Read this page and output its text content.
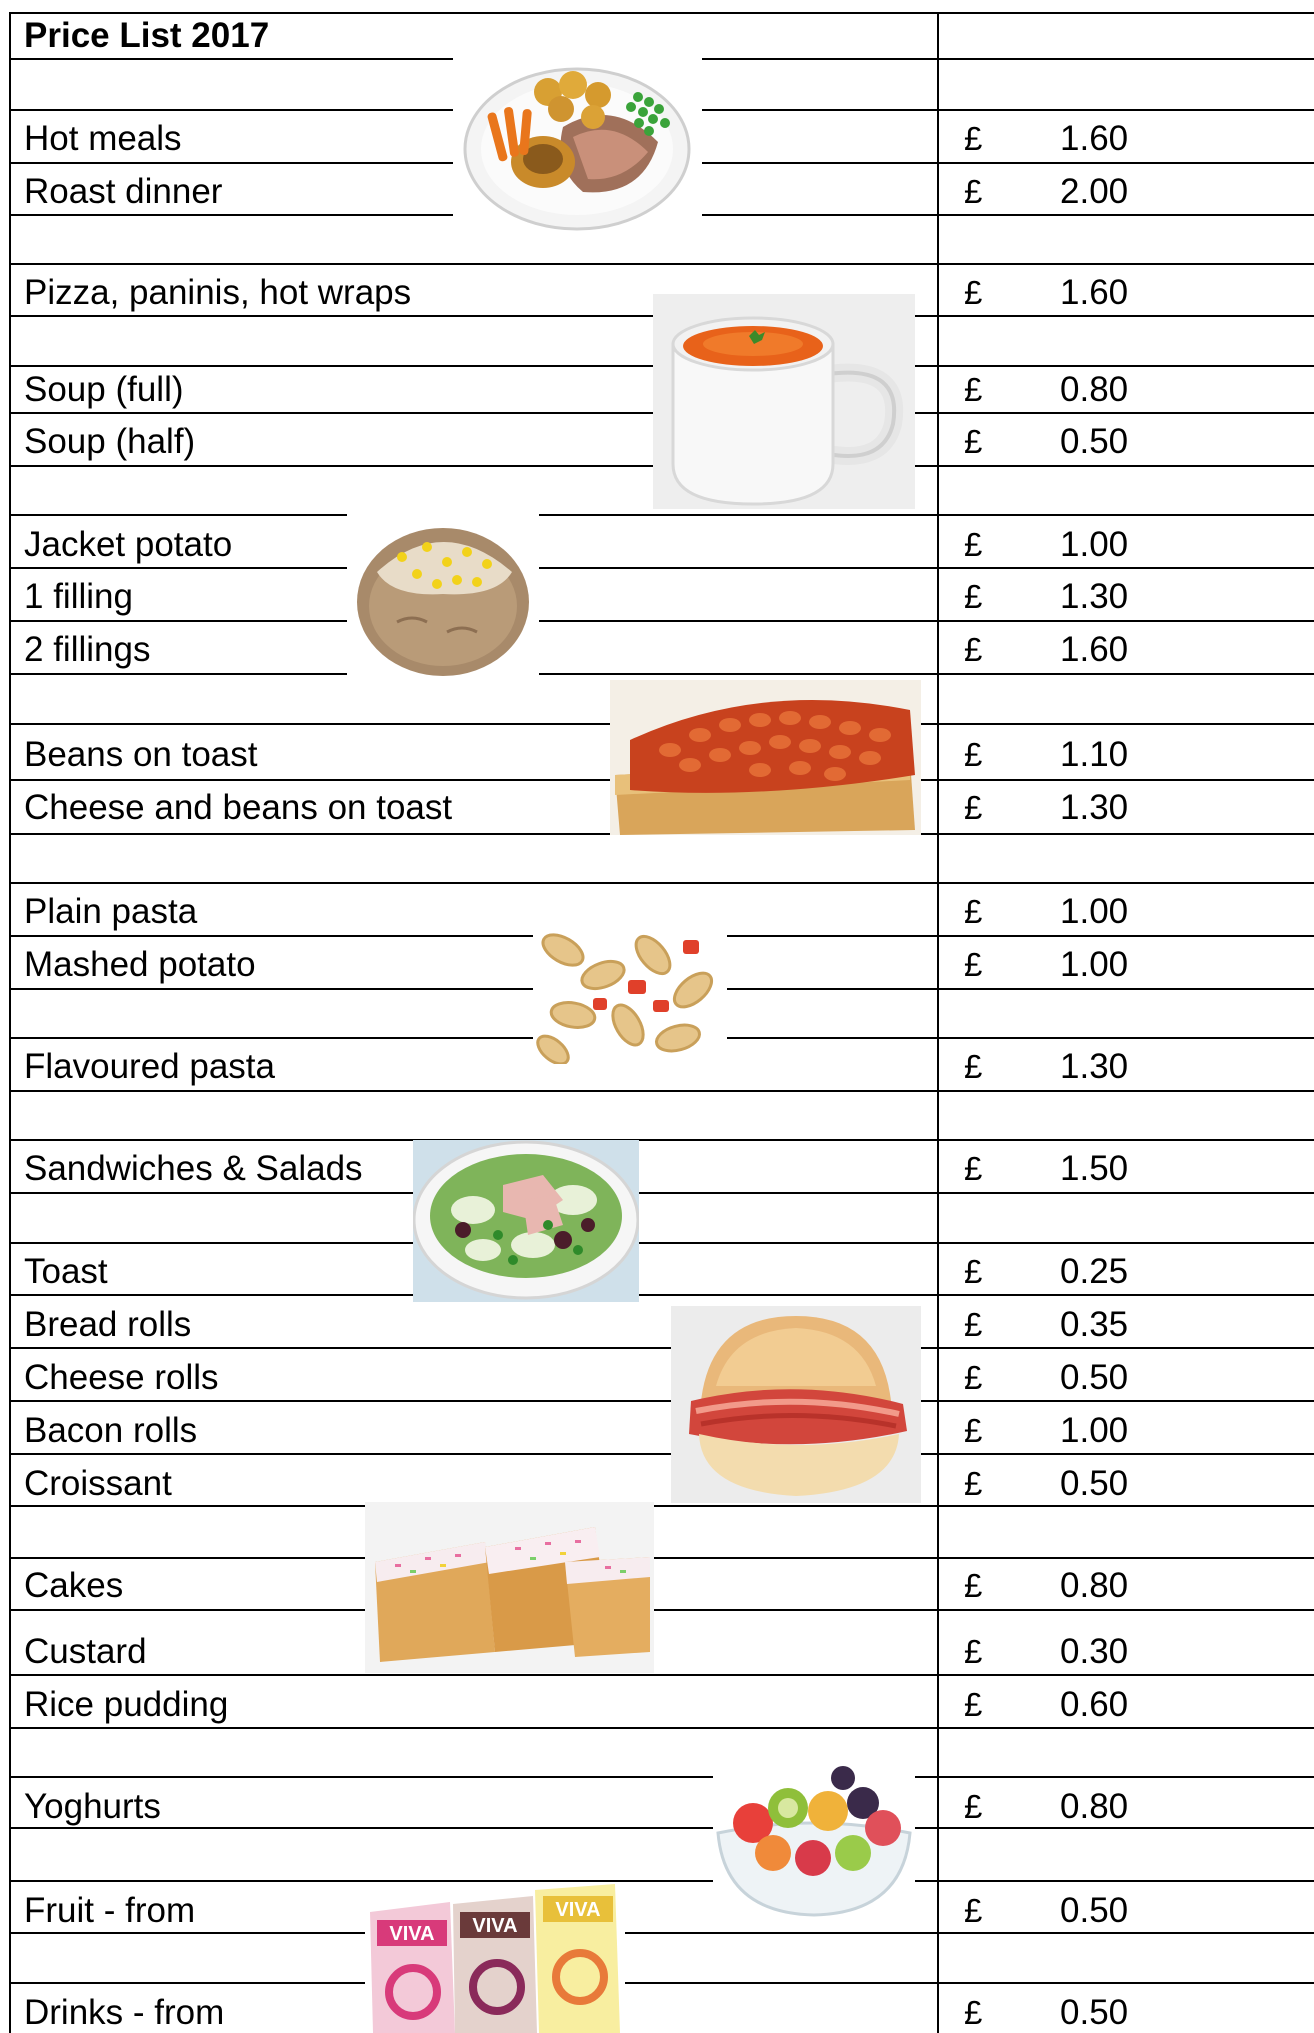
Price List 2017
Hot meals
Roast dinner
Pizza, paninis, hot wraps
Soup (full)
Soup (half)
Jacket potato
1 filling
2 fillings
Beans on toast
Cheese and beans on toast
Plain pasta
Mashed potato
Flavoured pasta
Sandwiches & Salads
Toast
Bread rolls
Cheese rolls
Bacon rolls
Croissant
Cakes
Custard
Rice pudding
Yoghurts
Fruit - from
Drinks - from
£
£
£
£
£
£
£
£
£
£
£
£
£
£
£
£
£
£
£
£
£
£
£
£
£
1.60
2.00
1.60
0.80
0.50
1.00
1.30
1.60
1.10
1.30
1.00
1.00
1.30
1.50
0.25
0.35
0.50
1.00
0.50
0.80
0.30
0.60
0.80
0.50
0.50
VIVA VIVA
VIVA
